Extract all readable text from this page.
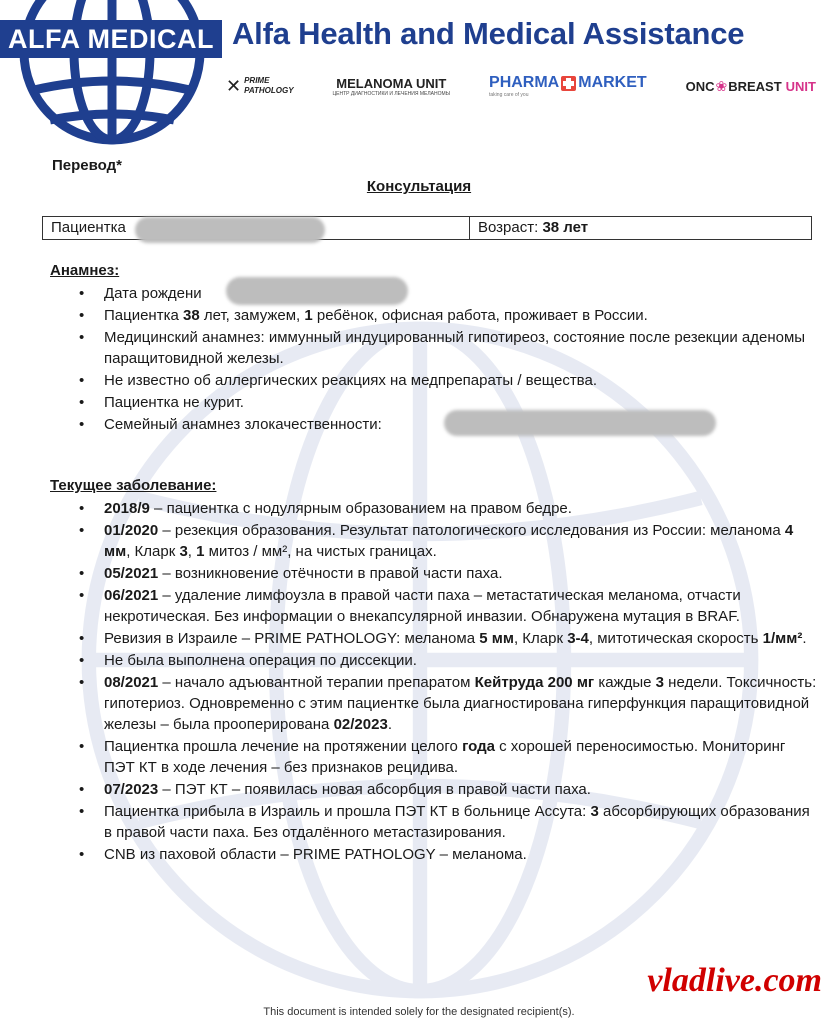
ALFA MEDICAL Alfa Health and Medical Assistance
✕ PRIME
PATHOLOGY	MELANOMA UNIT
ЦЕНТР ДИАГНОСТИКИ И ЛЕЧЕНИЯ МЕЛАНОМЫ
PHARMA MARKET
taking care of you
ONC ❀ BREAST UNIT
Перевод*
Консультация
Пациентка	Возраст: 38 лет
Анамнез:
• Дата рождени
• Пациентка 38 лет, замужем, 1 ребёнок, офисная работа, проживает в России.
• Медицинский анамнез: иммунный индуцированный гипотиреоз, состояние после резекции аденомы паращитовидной железы.
• Не известно об аллергических реакциях на медпрепараты / вещества.
• Пациентка не курит.
• Семейный анамнез злокачественности:
Текущее заболевание:
• 2018/9 – пациентка с нодулярным образованием на правом бедре.
• 01/2020 – резекция образования. Результат патологического исследования из России: меланома 4 мм, Кларк 3, 1 митоз / мм², на чистых границах.
• 05/2021 – возникновение отёчности в правой части паха.
• 06/2021 – удаление лимфоузла в правой части паха – метастатическая меланома, отчасти некротическая. Без информации о внекапсулярной инвазии. Обнаружена мутация в BRAF.
• Ревизия в Израиле – PRIME PATHOLOGY: меланома 5 мм, Кларк 3-4, митотическая скорость 1/мм².
• Не была выполнена операция по диссекции.
• 08/2021 – начало адъювантной терапии препаратом Кейтруда 200 мг каждые 3 недели. Токсичность: гипотериоз. Одновременно с этим пациентке была диагностирована гиперфункция паращитовидной железы – была прооперирована 02/2023.
• Пациентка прошла лечение на протяжении целого года с хорошей переносимостью. Мониторинг ПЭТ КТ в ходе лечения – без признаков рецидива.
• 07/2023 – ПЭТ КТ – появилась новая абсорбция в правой части паха.
• Пациентка прибыла в Израиль и прошла ПЭТ КТ в больнице Ассута: 3 абсорбирующих образования в правой части паха. Без отдалённого метастазирования.
• CNB из паховой области – PRIME PATHOLOGY – меланома.
vladlive.com
This document is intended solely for the designated recipient(s).
